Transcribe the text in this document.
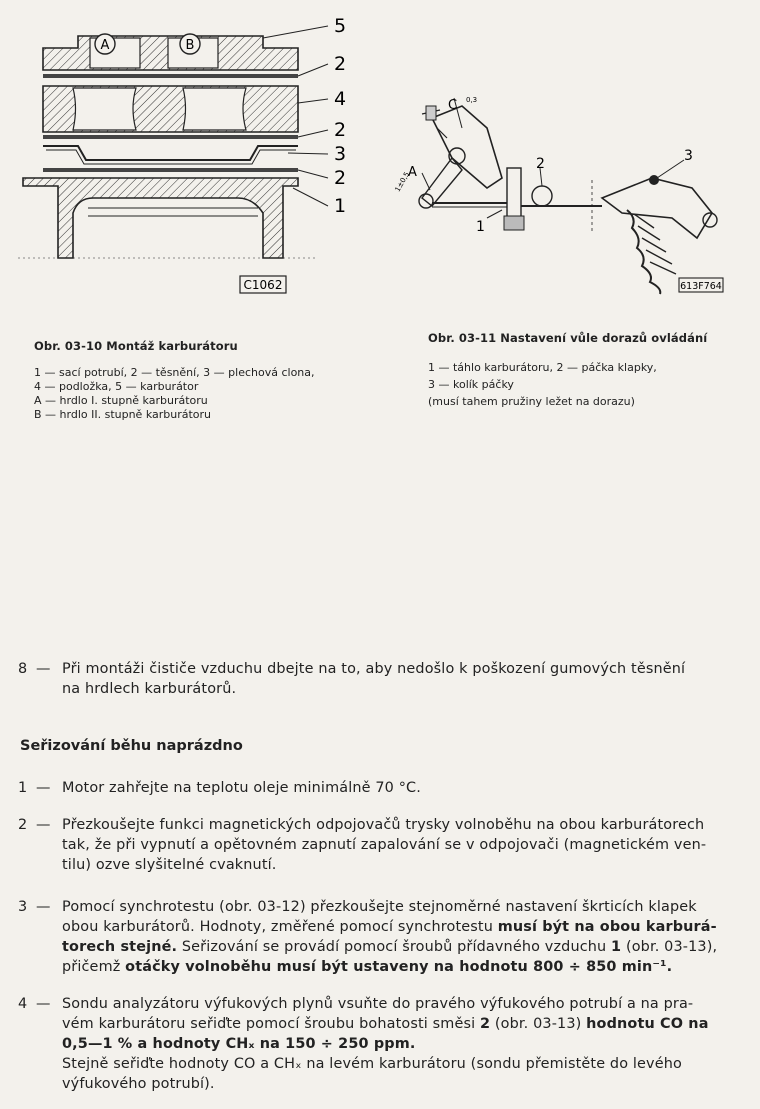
A	B
5
2
4
2
3
2
1
C1062
C 0,3
A
1±0,5
2
1
3
613F764
Obr. 03-10 Montáž karburátoru
1 — sací potrubí, 2 — těsnění, 3 — plechová clona,
4 — podložka, 5 — karburátor
A — hrdlo I. stupně karburátoru
B — hrdlo II. stupně karburátoru
Obr. 03-11 Nastavení vůle dorazů ovládání
1 — táhlo karburátoru, 2 — páčka klapky,
3 — kolík páčky
(musí tahem pružiny ležet na dorazu)
8 — Při montáži čističe vzduchu dbejte na to, aby nedošlo k poškození gumových těsnění
na hrdlech karburátorů.
Seřizování běhu naprázdno
1 — Motor zahřejte na teplotu oleje minimálně 70 °C.
2 — Přezkoušejte funkci magnetických odpojovačů trysky volnoběhu na obou karburátorech
tak, že při vypnutí a opětovném zapnutí zapalování se v odpojovači (magnetickém ven-
tilu) ozve slyšitelné cvaknutí.
3 — Pomocí synchrotestu (obr. 03-12) přezkoušejte stejnoměrné nastavení škrticích klapek
obou karburátorů. Hodnoty, změřené pomocí synchrotestu musí být na obou karburá-
torech stejné. Seřizování se provádí pomocí šroubů přídavného vzduchu 1 (obr. 03-13),
přičemž otáčky volnoběhu musí být ustaveny na hodnotu 800 ÷ 850 min⁻¹.
4 — Sondu analyzátoru výfukových plynů vsuňte do pravého výfukového potrubí a na pra-
vém karburátoru seřiďte pomocí šroubu bohatosti směsi 2 (obr. 03-13) hodnotu CO na
0,5—1 % a hodnoty CHₓ na 150 ÷ 250 ppm.
Stejně seřiďte hodnoty CO a CHₓ na levém karburátoru (sondu přemistěte do levého
výfukového potrubí).
